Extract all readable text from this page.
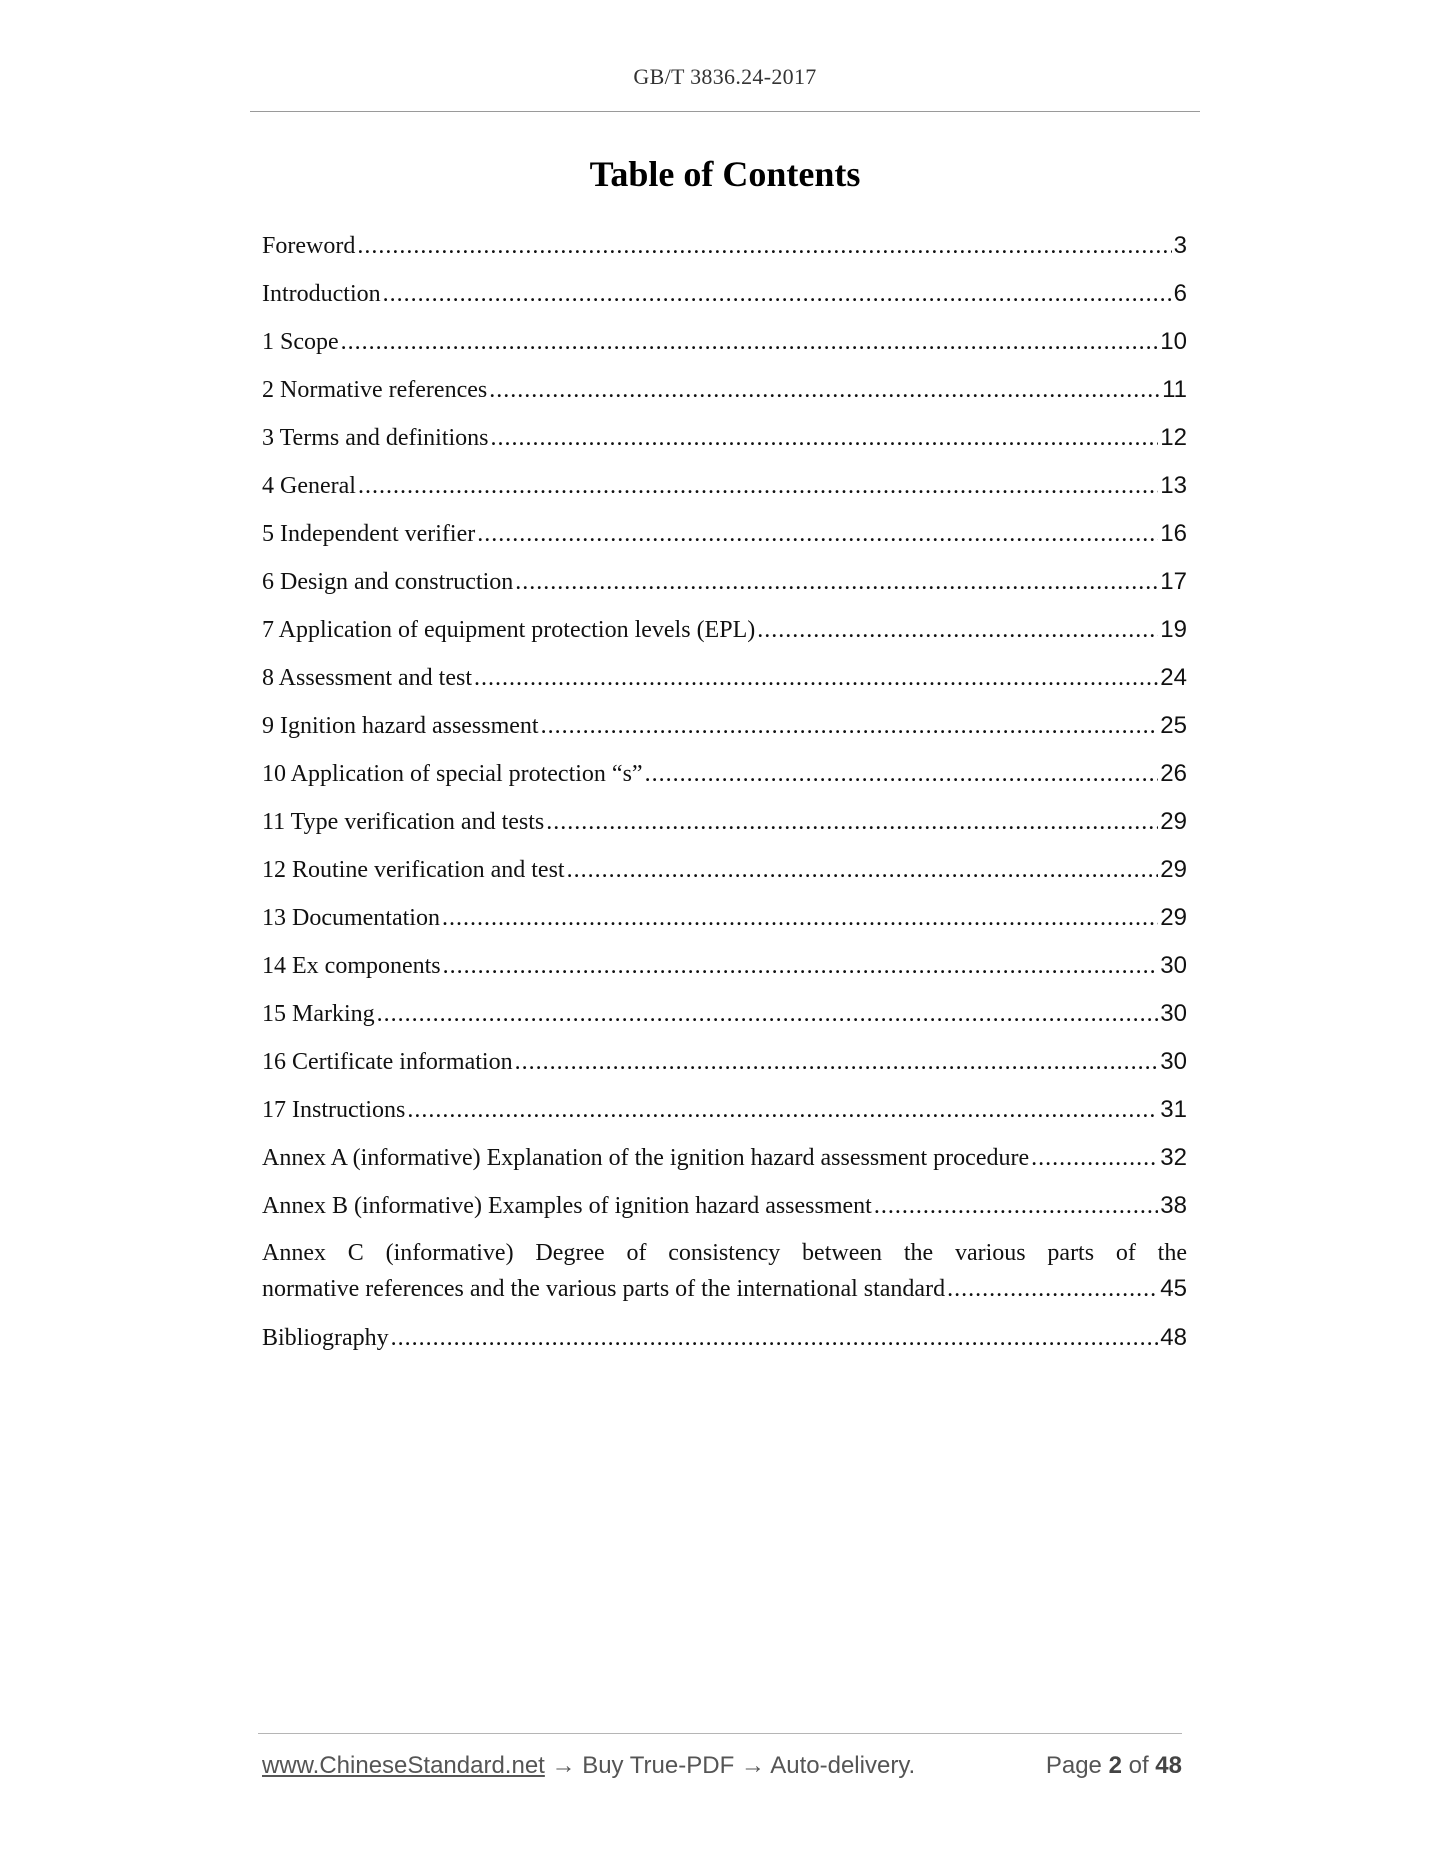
GB/T 3836.24-2017
Table of Contents
Foreword .....	3
Introduction .....	6
1 Scope .....	10
2 Normative references .....	11
3 Terms and definitions .....	12
4 General .....	13
5 Independent verifier .....	16
6 Design and construction .....	17
7 Application of equipment protection levels (EPL) .....	19
8 Assessment and test .....	24
9 Ignition hazard assessment .....	25
10 Application of special protection “s” .....	26
11 Type verification and tests .....	29
12 Routine verification and test .....	29
13 Documentation .....	29
14 Ex components .....	30
15 Marking .....	30
16 Certificate information .....	30
17 Instructions .....	31
Annex A (informative) Explanation of the ignition hazard assessment procedure .....	32
Annex B (informative) Examples of ignition hazard assessment .....	38
Annex C (informative) Degree of consistency between the various parts of the
normative references and the various parts of the international standard .....	45
Bibliography .....	48
www.ChineseStandard.net → Buy True-PDF → Auto-delivery.	Page 2 of 48
